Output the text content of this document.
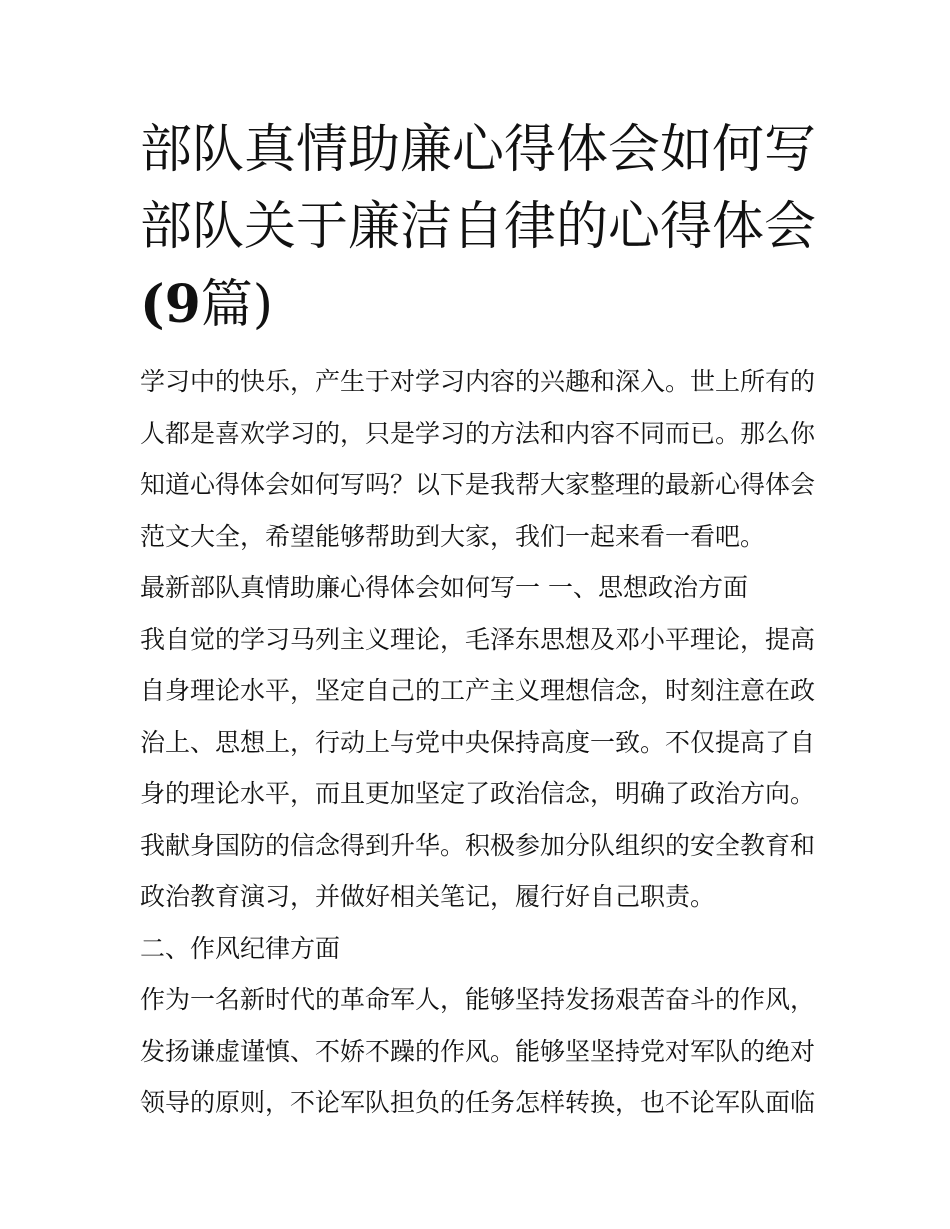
部队真情助廉心得体会如何写
部队关于廉洁自律的心得体会
(9篇)
学习中的快乐，产生于对学习内容的兴趣和深入。世上所有的
人都是喜欢学习的，只是学习的方法和内容不同而已。那么你
知道心得体会如何写吗？以下是我帮大家整理的最新心得体会
范文大全，希望能够帮助到大家，我们一起来看一看吧。
最新部队真情助廉心得体会如何写一 一、思想政治方面
我自觉的学习马列主义理论，毛泽东思想及邓小平理论，提高
自身理论水平，坚定自己的工产主义理想信念，时刻注意在政
治上、思想上，行动上与党中央保持高度一致。不仅提高了自
身的理论水平，而且更加坚定了政治信念，明确了政治方向。
我献身国防的信念得到升华。积极参加分队组织的安全教育和
政治教育演习，并做好相关笔记，履行好自己职责。
二、作风纪律方面
作为一名新时代的革命军人，能够坚持发扬艰苦奋斗的作风，
发扬谦虚谨慎、不娇不躁的作风。能够坚坚持党对军队的绝对
领导的原则，不论军队担负的任务怎样转换，也不论军队面临
